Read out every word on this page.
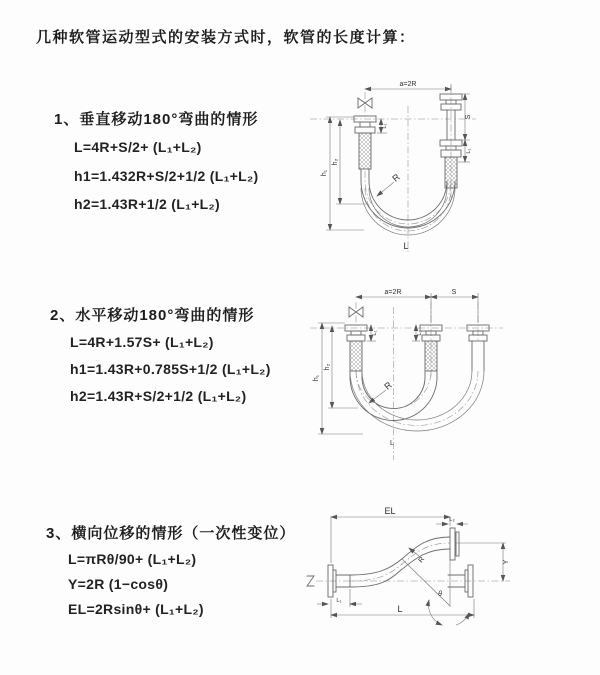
几种软管运动型式的安装方式时，软管的长度计算：
1、垂直移动180°弯曲的情形
L=4R+S/2+ (L₁+L₂)
h1=1.432R+S/2+1/2 (L₁+L₂)
h2=1.43R+1/2 (L₁+L₂)
2、水平移动180°弯曲的情形
L=4R+1.57S+ (L₁+L₂)
h1=1.43R+0.785S+1/2 (L₁+L₂)
h2=1.43R+S/2+1/2 (L₁+L₂)
3、横向位移的情形（一次性变位）
L=πRθ/90+ (L₁+L₂)
Y=2R (1−cosθ)
EL=2Rsinθ+ (L₁+L₂)
a=2R
S
L₁
L₁
h₁
h₂
R
L
a=2R	S
h₁
h₂
L₁	L₁
R
L
EL
L₂
Y
L
L₁
R
θ
